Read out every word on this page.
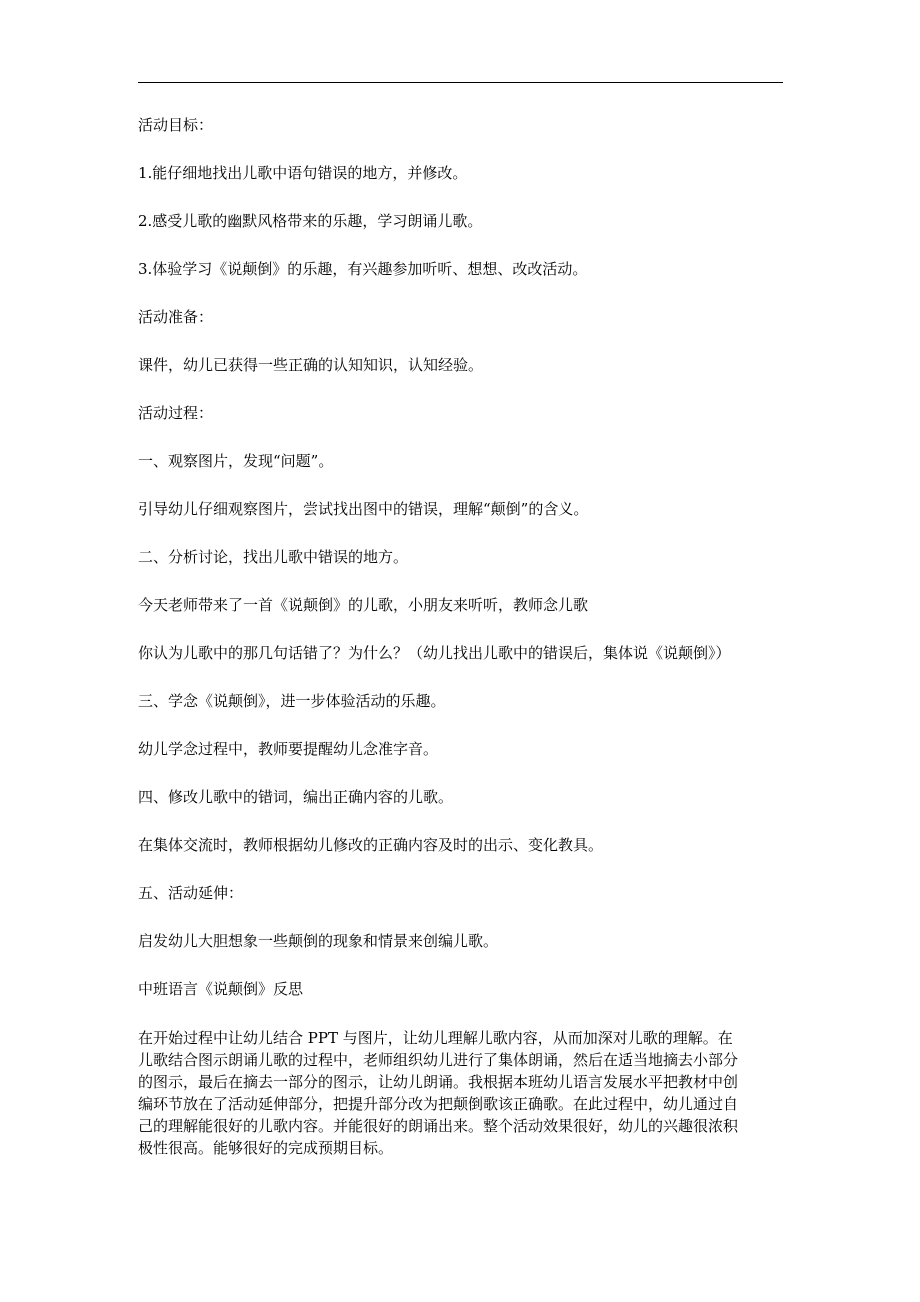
活动目标：
1.能仔细地找出儿歌中语句错误的地方，并修改。
2.感受儿歌的幽默风格带来的乐趣，学习朗诵儿歌。
3.体验学习《说颠倒》的乐趣，有兴趣参加听听、想想、改改活动。
活动准备：
课件，幼儿已获得一些正确的认知知识，认知经验。
活动过程：
一、观察图片，发现“问题”。
引导幼儿仔细观察图片，尝试找出图中的错误，理解“颠倒”的含义。
二、分析讨论，找出儿歌中错误的地方。
今天老师带来了一首《说颠倒》的儿歌，小朋友来听听，教师念儿歌
你认为儿歌中的那几句话错了？为什么？（幼儿找出儿歌中的错误后，集体说《说颠倒》）
三、学念《说颠倒》，进一步体验活动的乐趣。
幼儿学念过程中，教师要提醒幼儿念准字音。
四、修改儿歌中的错词，编出正确内容的儿歌。
在集体交流时，教师根据幼儿修改的正确内容及时的出示、变化教具。
五、活动延伸：
启发幼儿大胆想象一些颠倒的现象和情景来创编儿歌。
中班语言《说颠倒》反思
在开始过程中让幼儿结合 PPT 与图片，让幼儿理解儿歌内容，从而加深对儿歌的理解。在
儿歌结合图示朗诵儿歌的过程中，老师组织幼儿进行了集体朗诵，然后在适当地摘去小部分
的图示，最后在摘去一部分的图示，让幼儿朗诵。我根据本班幼儿语言发展水平把教材中创
编环节放在了活动延伸部分，把提升部分改为把颠倒歌该正确歌。在此过程中，幼儿通过自
己的理解能很好的儿歌内容。并能很好的朗诵出来。整个活动效果很好，幼儿的兴趣很浓积
极性很高。能够很好的完成预期目标。
